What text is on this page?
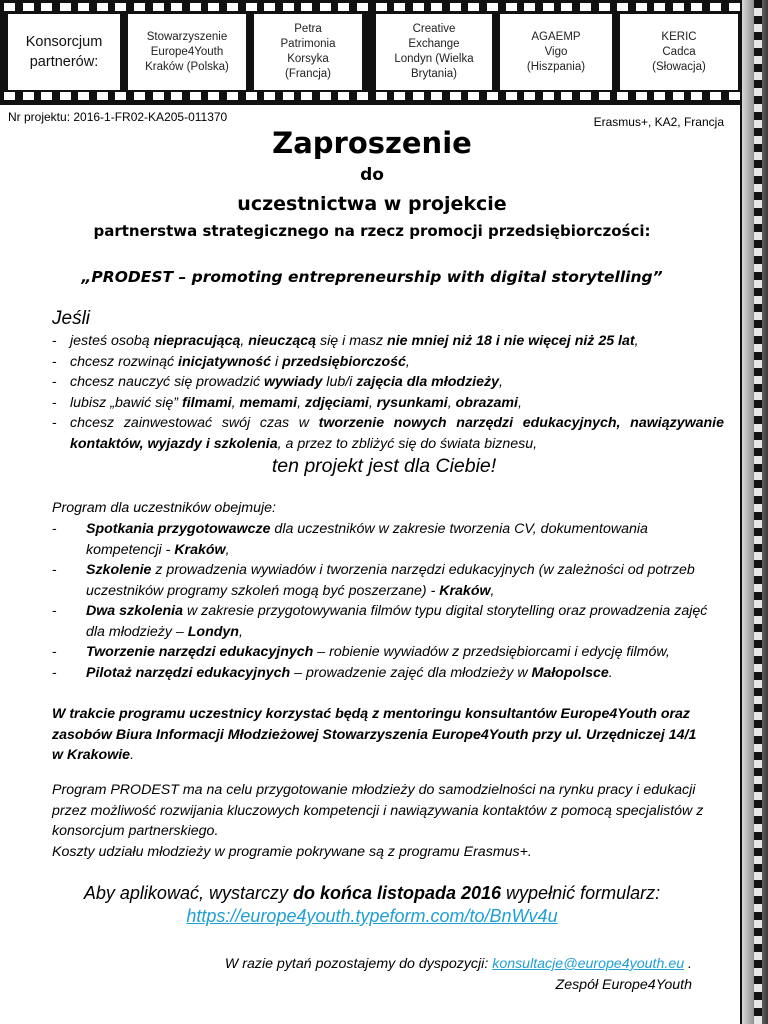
Konsorcjum
partnerów:
Stowarzyszenie
Europe4Youth
Kraków (Polska)
Petra
Patrimonia
Korsyka
(Francja)
Creative
Exchange
Londyn (Wielka
Brytania)
AGAEMP
Vigo
(Hiszpania)
KERIC
Cadca
(Słowacja)
Nr projektu: 2016-1-FR02-KA205-011370	Erasmus+, KA2, Francja
Zaproszenie
do
uczestnictwa w projekcie
partnerstwa strategicznego na rzecz promocji przedsiębiorczości:
„PRODEST – promoting entrepreneurship with digital storytelling”
Jeśli
- jesteś osobą niepracującą, nieuczącą się i masz nie mniej niż 18 i nie więcej niż 25 lat,
- chcesz rozwinąć inicjatywność i przedsiębiorczość,
- chcesz nauczyć się prowadzić wywiady lub/i zajęcia dla młodzieży,
- lubisz „bawić się” filmami, memami, zdjęciami, rysunkami, obrazami,
- chcesz zainwestować swój czas w tworzenie nowych narzędzi edukacyjnych, nawiązywanie kontaktów, wyjazdy i szkolenia, a przez to zbliżyć się do świata biznesu,
ten projekt jest dla Ciebie!
Program dla uczestników obejmuje:
- Spotkania przygotowawcze dla uczestników w zakresie tworzenia CV, dokumentowania kompetencji - Kraków,
- Szkolenie z prowadzenia wywiadów i tworzenia narzędzi edukacyjnych (w zależności od potrzeb uczestników programy szkoleń mogą być poszerzane) - Kraków,
- Dwa szkolenia w zakresie przygotowywania filmów typu digital storytelling oraz prowadzenia zajęć dla młodzieży – Londyn,
- Tworzenie narzędzi edukacyjnych – robienie wywiadów z przedsiębiorcami i edycję filmów,
- Pilotaż narzędzi edukacyjnych – prowadzenie zajęć dla młodzieży w Małopolsce.
W trakcie programu uczestnicy korzystać będą z mentoringu konsultantów Europe4Youth oraz zasobów Biura Informacji Młodzieżowej Stowarzyszenia Europe4Youth przy ul. Urzędniczej 14/1 w Krakowie.
Program PRODEST ma na celu przygotowanie młodzieży do samodzielności na rynku pracy i edukacji przez możliwość rozwijania kluczowych kompetencji i nawiązywania kontaktów z pomocą specjalistów z konsorcjum partnerskiego.
Koszty udziału młodzieży w programie pokrywane są z programu Erasmus+.
Aby aplikować, wystarczy do końca listopada 2016 wypełnić formularz:
https://europe4youth.typeform.com/to/BnWv4u
W razie pytań pozostajemy do dyspozycji: konsultacje@europe4youth.eu .
Zespół Europe4Youth
